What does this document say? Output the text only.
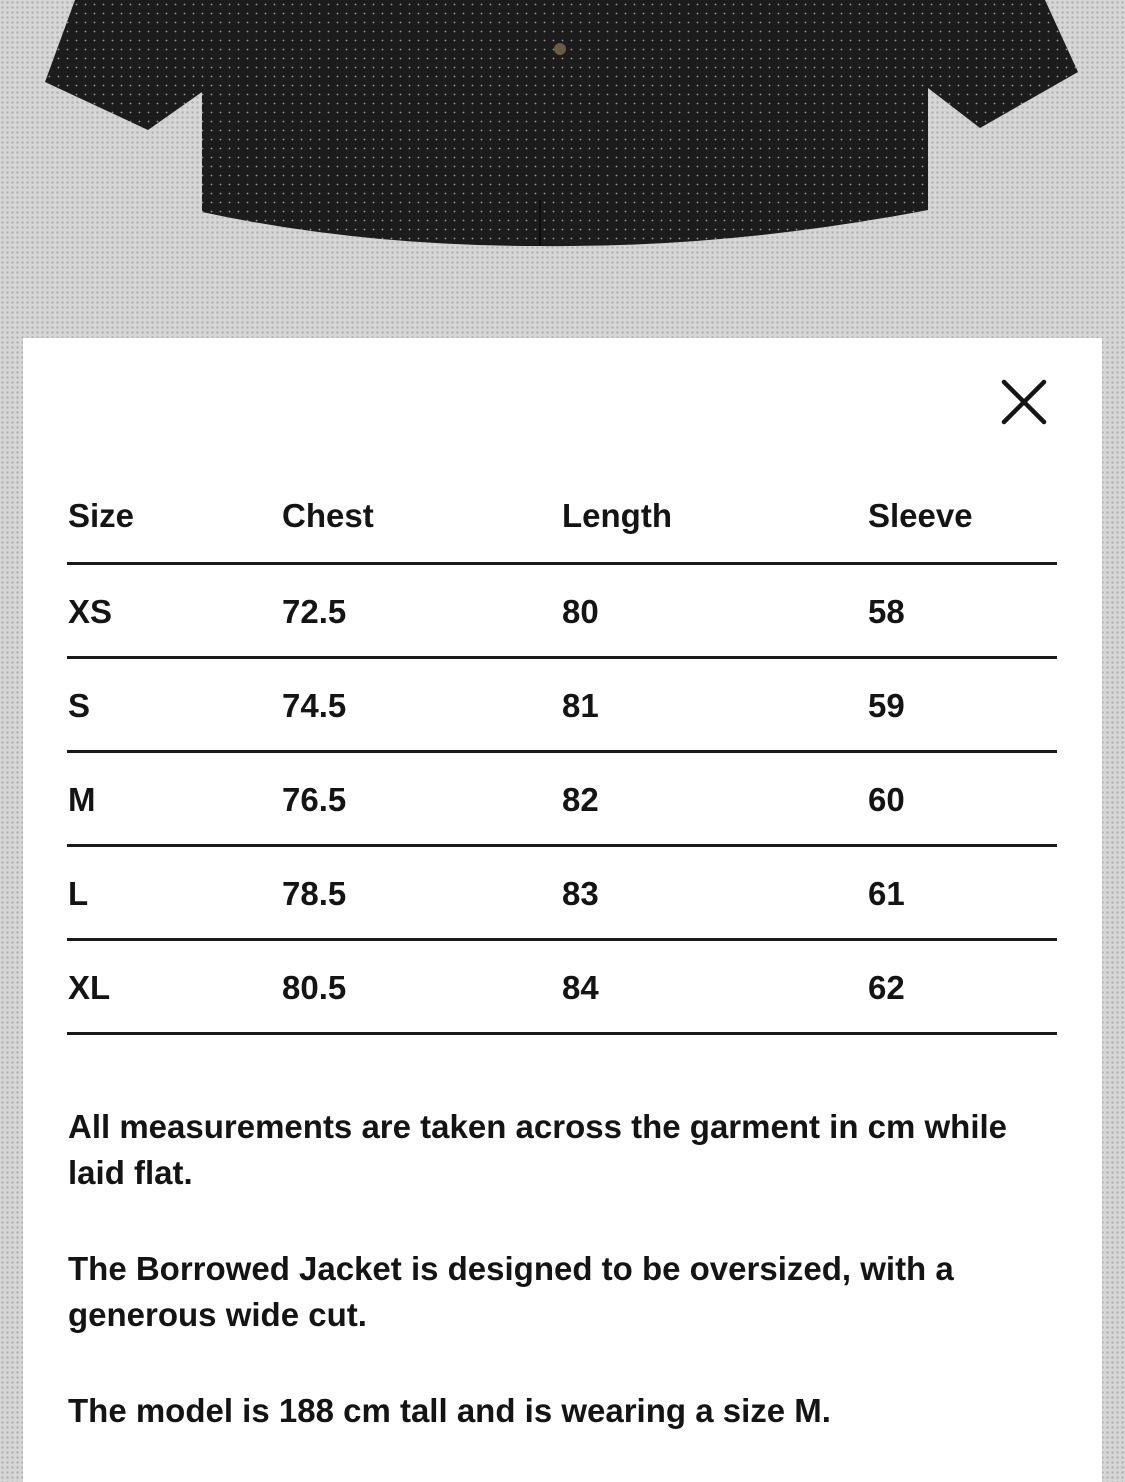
Size	Chest	Length	Sleeve
XS	72.5	80	58
S	74.5	81	59
M	76.5	82	60
L	78.5	83	61
XL	80.5	84	62

All measurements are taken across the garment in cm while laid flat.

The Borrowed Jacket is designed to be oversized, with a generous wide cut.

The model is 188 cm tall and is wearing a size M.
